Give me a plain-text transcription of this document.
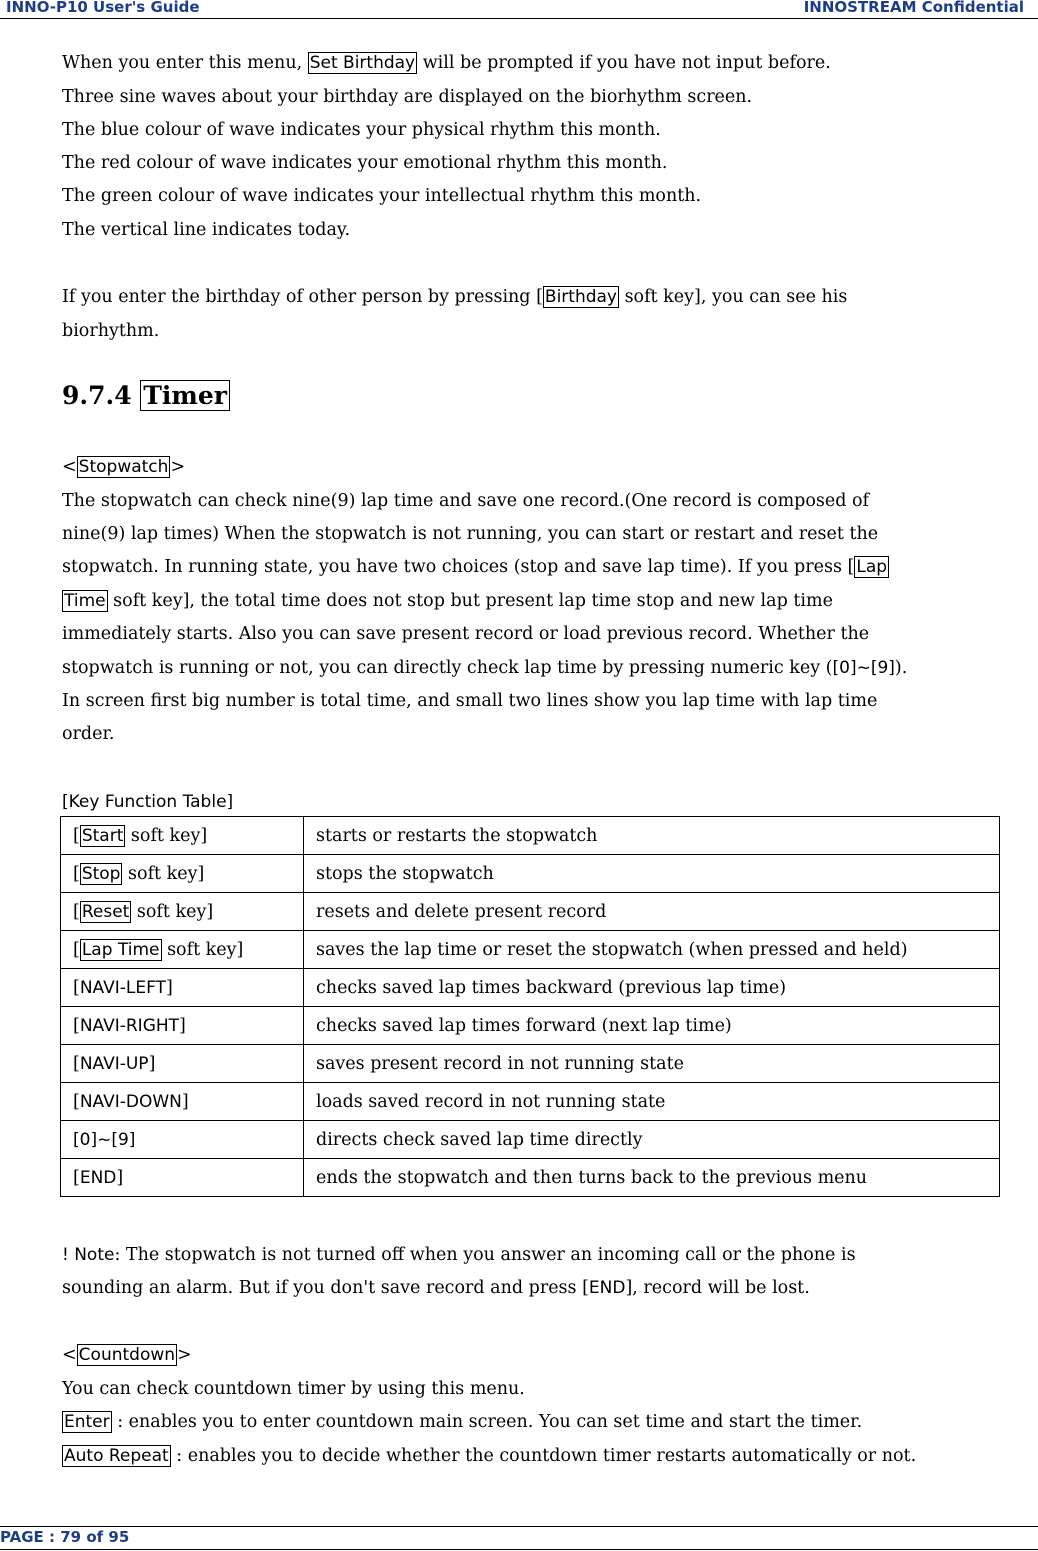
INNO-P10 User's Guide	INNOSTREAM Confidential
When you enter this menu, Set Birthday will be prompted if you have not input before.
Three sine waves about your birthday are displayed on the biorhythm screen.
The blue colour of wave indicates your physical rhythm this month.
The red colour of wave indicates your emotional rhythm this month.
The green colour of wave indicates your intellectual rhythm this month.
The vertical line indicates today.
If you enter the birthday of other person by pressing [ Birthday soft key], you can see his
biorhythm.
9.7.4 Timer
< Stopwatch >
The stopwatch can check nine(9) lap time and save one record.(One record is composed of
nine(9) lap times) When the stopwatch is not running, you can start or restart and reset the
stopwatch. In running state, you have two choices (stop and save lap time). If you press [ Lap
Time soft key], the total time does not stop but present lap time stop and new lap time
immediately starts. Also you can save present record or load previous record. Whether the
stopwatch is running or not, you can directly check lap time by pressing numeric key ([0]~[9]).
In screen first big number is total time, and small two lines show you lap time with lap time
order.
[Key Function Table]
[ Start soft key]	starts or restarts the stopwatch
[ Stop soft key]	stops the stopwatch
[ Reset soft key]	resets and delete present record
[ Lap Time soft key]	saves the lap time or reset the stopwatch (when pressed and held)
[NAVI-LEFT]	checks saved lap times backward (previous lap time)
[NAVI-RIGHT]	checks saved lap times forward (next lap time)
[NAVI-UP]	saves present record in not running state
[NAVI-DOWN]	loads saved record in not running state
[0]~[9]	directs check saved lap time directly
[END]	ends the stopwatch and then turns back to the previous menu
! Note: The stopwatch is not turned off when you answer an incoming call or the phone is
sounding an alarm. But if you don't save record and press [END], record will be lost.
< Countdown >
You can check countdown timer by using this menu.
Enter : enables you to enter countdown main screen. You can set time and start the timer.
Auto Repeat : enables you to decide whether the countdown timer restarts automatically or not.
PAGE : 79 of 95
